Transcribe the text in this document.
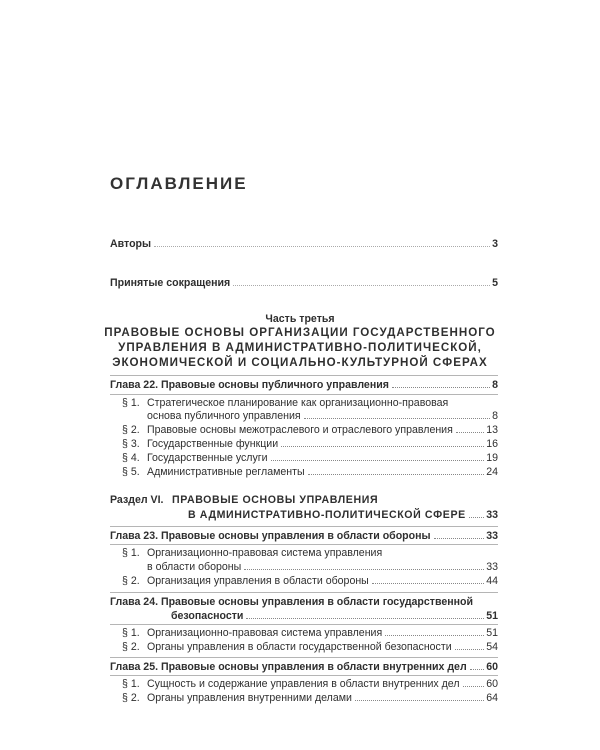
ОГЛАВЛЕНИЕ
Авторы	3
Принятые сокращения	5
Часть третья
ПРАВОВЫЕ ОСНОВЫ ОРГАНИЗАЦИИ ГОСУДАРСТВЕННОГО
УПРАВЛЕНИЯ В АДМИНИСТРАТИВНО-ПОЛИТИЧЕСКОЙ,
ЭКОНОМИЧЕСКОЙ И СОЦИАЛЬНО-КУЛЬТУРНОЙ СФЕРАХ
Глава 22. Правовые основы публичного управления	8
§ 1. Стратегическое планирование как организационно-правовая
основа публичного управления	8
§ 2. Правовые основы межотраслевого и отраслевого управления	13
§ 3. Государственные функции	16
§ 4. Государственные услуги	19
§ 5. Административные регламенты	24
Раздел VI. ПРАВОВЫЕ ОСНОВЫ УПРАВЛЕНИЯ
В АДМИНИСТРАТИВНО-ПОЛИТИЧЕСКОЙ СФЕРЕ 33
Глава 23. Правовые основы управления в области обороны	33
§ 1. Организационно-правовая система управления
в области обороны	33
§ 2. Организация управления в области обороны	44
Глава 24. Правовые основы управления в области государственной
безопасности	51
§ 1. Организационно-правовая система управления	51
§ 2. Органы управления в области государственной безопасности	54
Глава 25. Правовые основы управления в области внутренних дел 60
§ 1. Сущность и содержание управления в области внутренних дел	60
§ 2. Органы управления внутренними делами	64
